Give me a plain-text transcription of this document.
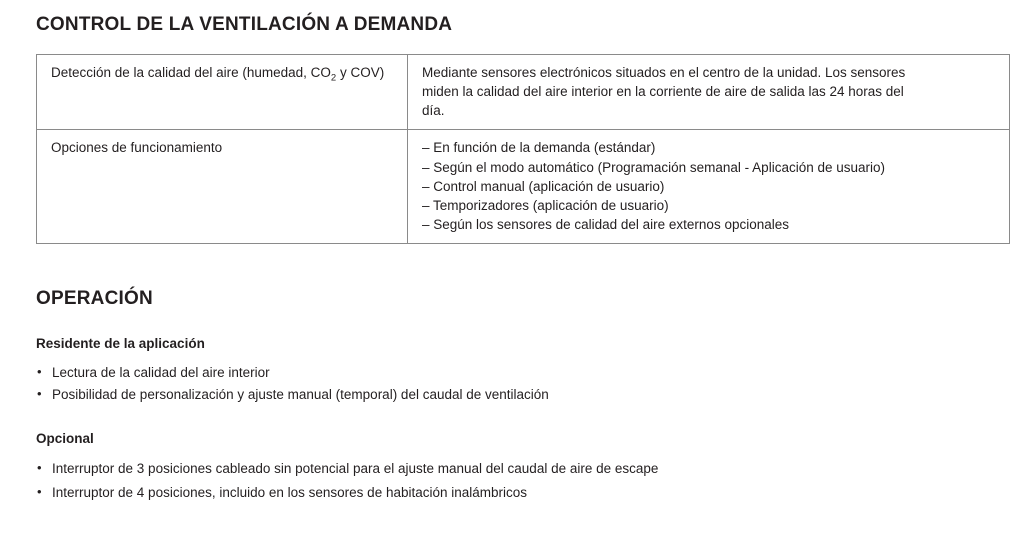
CONTROL DE LA VENTILACIÓN A DEMANDA
Detección de la calidad del aire (humedad, $CO_2$ y COV)	Mediante sensores electrónicos situados en el centro de la unidad. Los sensores
miden la calidad del aire interior en la corriente de aire de salida las 24 horas del
día.

Opciones de funcionamiento	– En función de la demanda (estándar)
– Según el modo automático (Programación semanal - Aplicación de usuario)
– Control manual (aplicación de usuario)
– Temporizadores (aplicación de usuario)
– Según los sensores de calidad del aire externos opcionales
OPERACIÓN
Residente de la aplicación
• Lectura de la calidad del aire interior
• Posibilidad de personalización y ajuste manual (temporal) del caudal de ventilación
Opcional
• Interruptor de 3 posiciones cableado sin potencial para el ajuste manual del caudal de aire de escape
• Interruptor de 4 posiciones, incluido en los sensores de habitación inalámbricos
